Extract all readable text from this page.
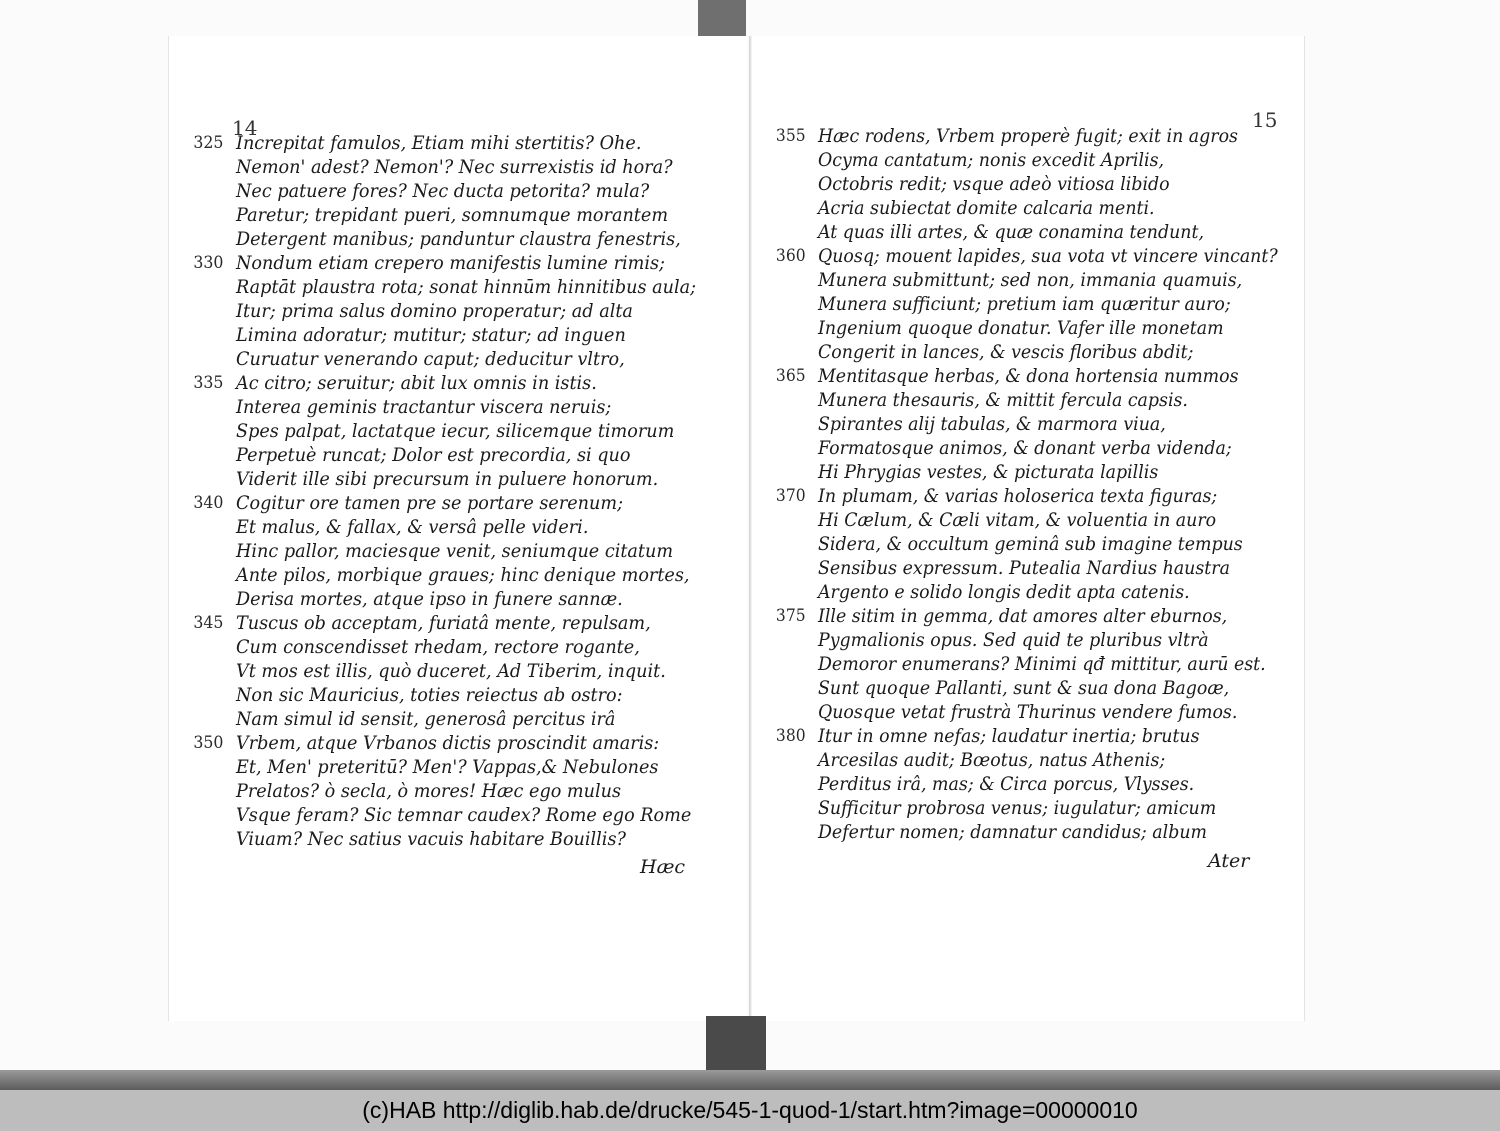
14
325 Increpitat famulos, Etiam mihi stertitis? Ohe.
Nemon' adest? Nemon'? Nec surrexistis id hora?
Nec patuere fores? Nec ducta petorita? mula?
Paretur; trepidant pueri, somnumque morantem
Detergent manibus; panduntur claustra fenestris,
330 Nondum etiam crepero manifestis lumine rimis;
Raptāt plaustra rota; sonat hinnūm hinnitibus aula;
Itur; prima salus domino properatur; ad alta
Limina adoratur; mutitur; statur; ad inguen
Curuatur venerando caput; deducitur vltro,
335 Ac citro; seruitur; abit lux omnis in istis.
Interea geminis tractantur viscera neruis;
Spes palpat, lactatque iecur, silicemque timorum
Perpetuè runcat; Dolor est precordia, si quo
Viderit ille sibi precursum in puluere honorum.
340 Cogitur ore tamen pre se portare serenum;
Et malus, & fallax, & versâ pelle videri.
Hinc pallor, maciesque venit, seniumque citatum
Ante pilos, morbique graues; hinc denique mortes,
Derisa mortes, atque ipso in funere sannæ.
345 Tuscus ob acceptam, furiatâ mente, repulsam,
Cum conscendisset rhedam, rectore rogante,
Vt mos est illis, quò duceret, Ad Tiberim, inquit.
Non sic Mauricius, toties reiectus ab ostro:
Nam simul id sensit, generosâ percitus irâ
350 Vrbem, atque Vrbanos dictis proscindit amaris:
Et, Men' preteritū? Men'? Vappas,& Nebulones
Prelatos? ò secla, ò mores! Hæc ego mulus
Vsque feram? Sic temnar caudex? Rome ego Rome
Viuam? Nec satius vacuis habitare Bouillis?
Hæc
15
355 Hæc rodens, Vrbem properè fugit; exit in agros
Ocyma cantatum; nonis excedit Aprilis,
Octobris redit; vsque adeò vitiosa libido
Acria subiectat domite calcaria menti.
At quas illi artes, & quæ conamina tendunt,
360 Quosq; mouent lapides, sua vota vt vincere vincant?
Munera submittunt; sed non, immania quamuis,
Munera sufficiunt; pretium iam quæritur auro;
Ingenium quoque donatur. Vafer ille monetam
Congerit in lances, & vescis floribus abdit;
365 Mentitasque herbas, & dona hortensia nummos
Munera thesauris, & mittit fercula capsis.
Spirantes alij tabulas, & marmora viua,
Formatosque animos, & donant verba videnda;
Hi Phrygias vestes, & picturata lapillis
370 In plumam, & varias holoserica texta figuras;
Hi Cælum, & Cæli vitam, & voluentia in auro
Sidera, & occultum geminâ sub imagine tempus
Sensibus expressum. Putealia Nardius haustra
Argento e solido longis dedit apta catenis.
375 Ille sitim in gemma, dat amores alter eburnos,
Pygmalionis opus. Sed quid te pluribus vltrà
Demoror enumerans? Minimi qđ mittitur, aurū est.
Sunt quoque Pallanti, sunt & sua dona Bagoæ,
Quosque vetat frustrà Thurinus vendere fumos.
380 Itur in omne nefas; laudatur inertia; brutus
Arcesilas audit; Bœotus, natus Athenis;
Perditus irâ, mas; & Circa porcus, Vlysses.
Sufficitur probrosa venus; iugulatur; amicum
Defertur nomen; damnatur candidus; album
Ater
(c)HAB http://diglib.hab.de/drucke/545-1-quod-1/start.htm?image=00000010
